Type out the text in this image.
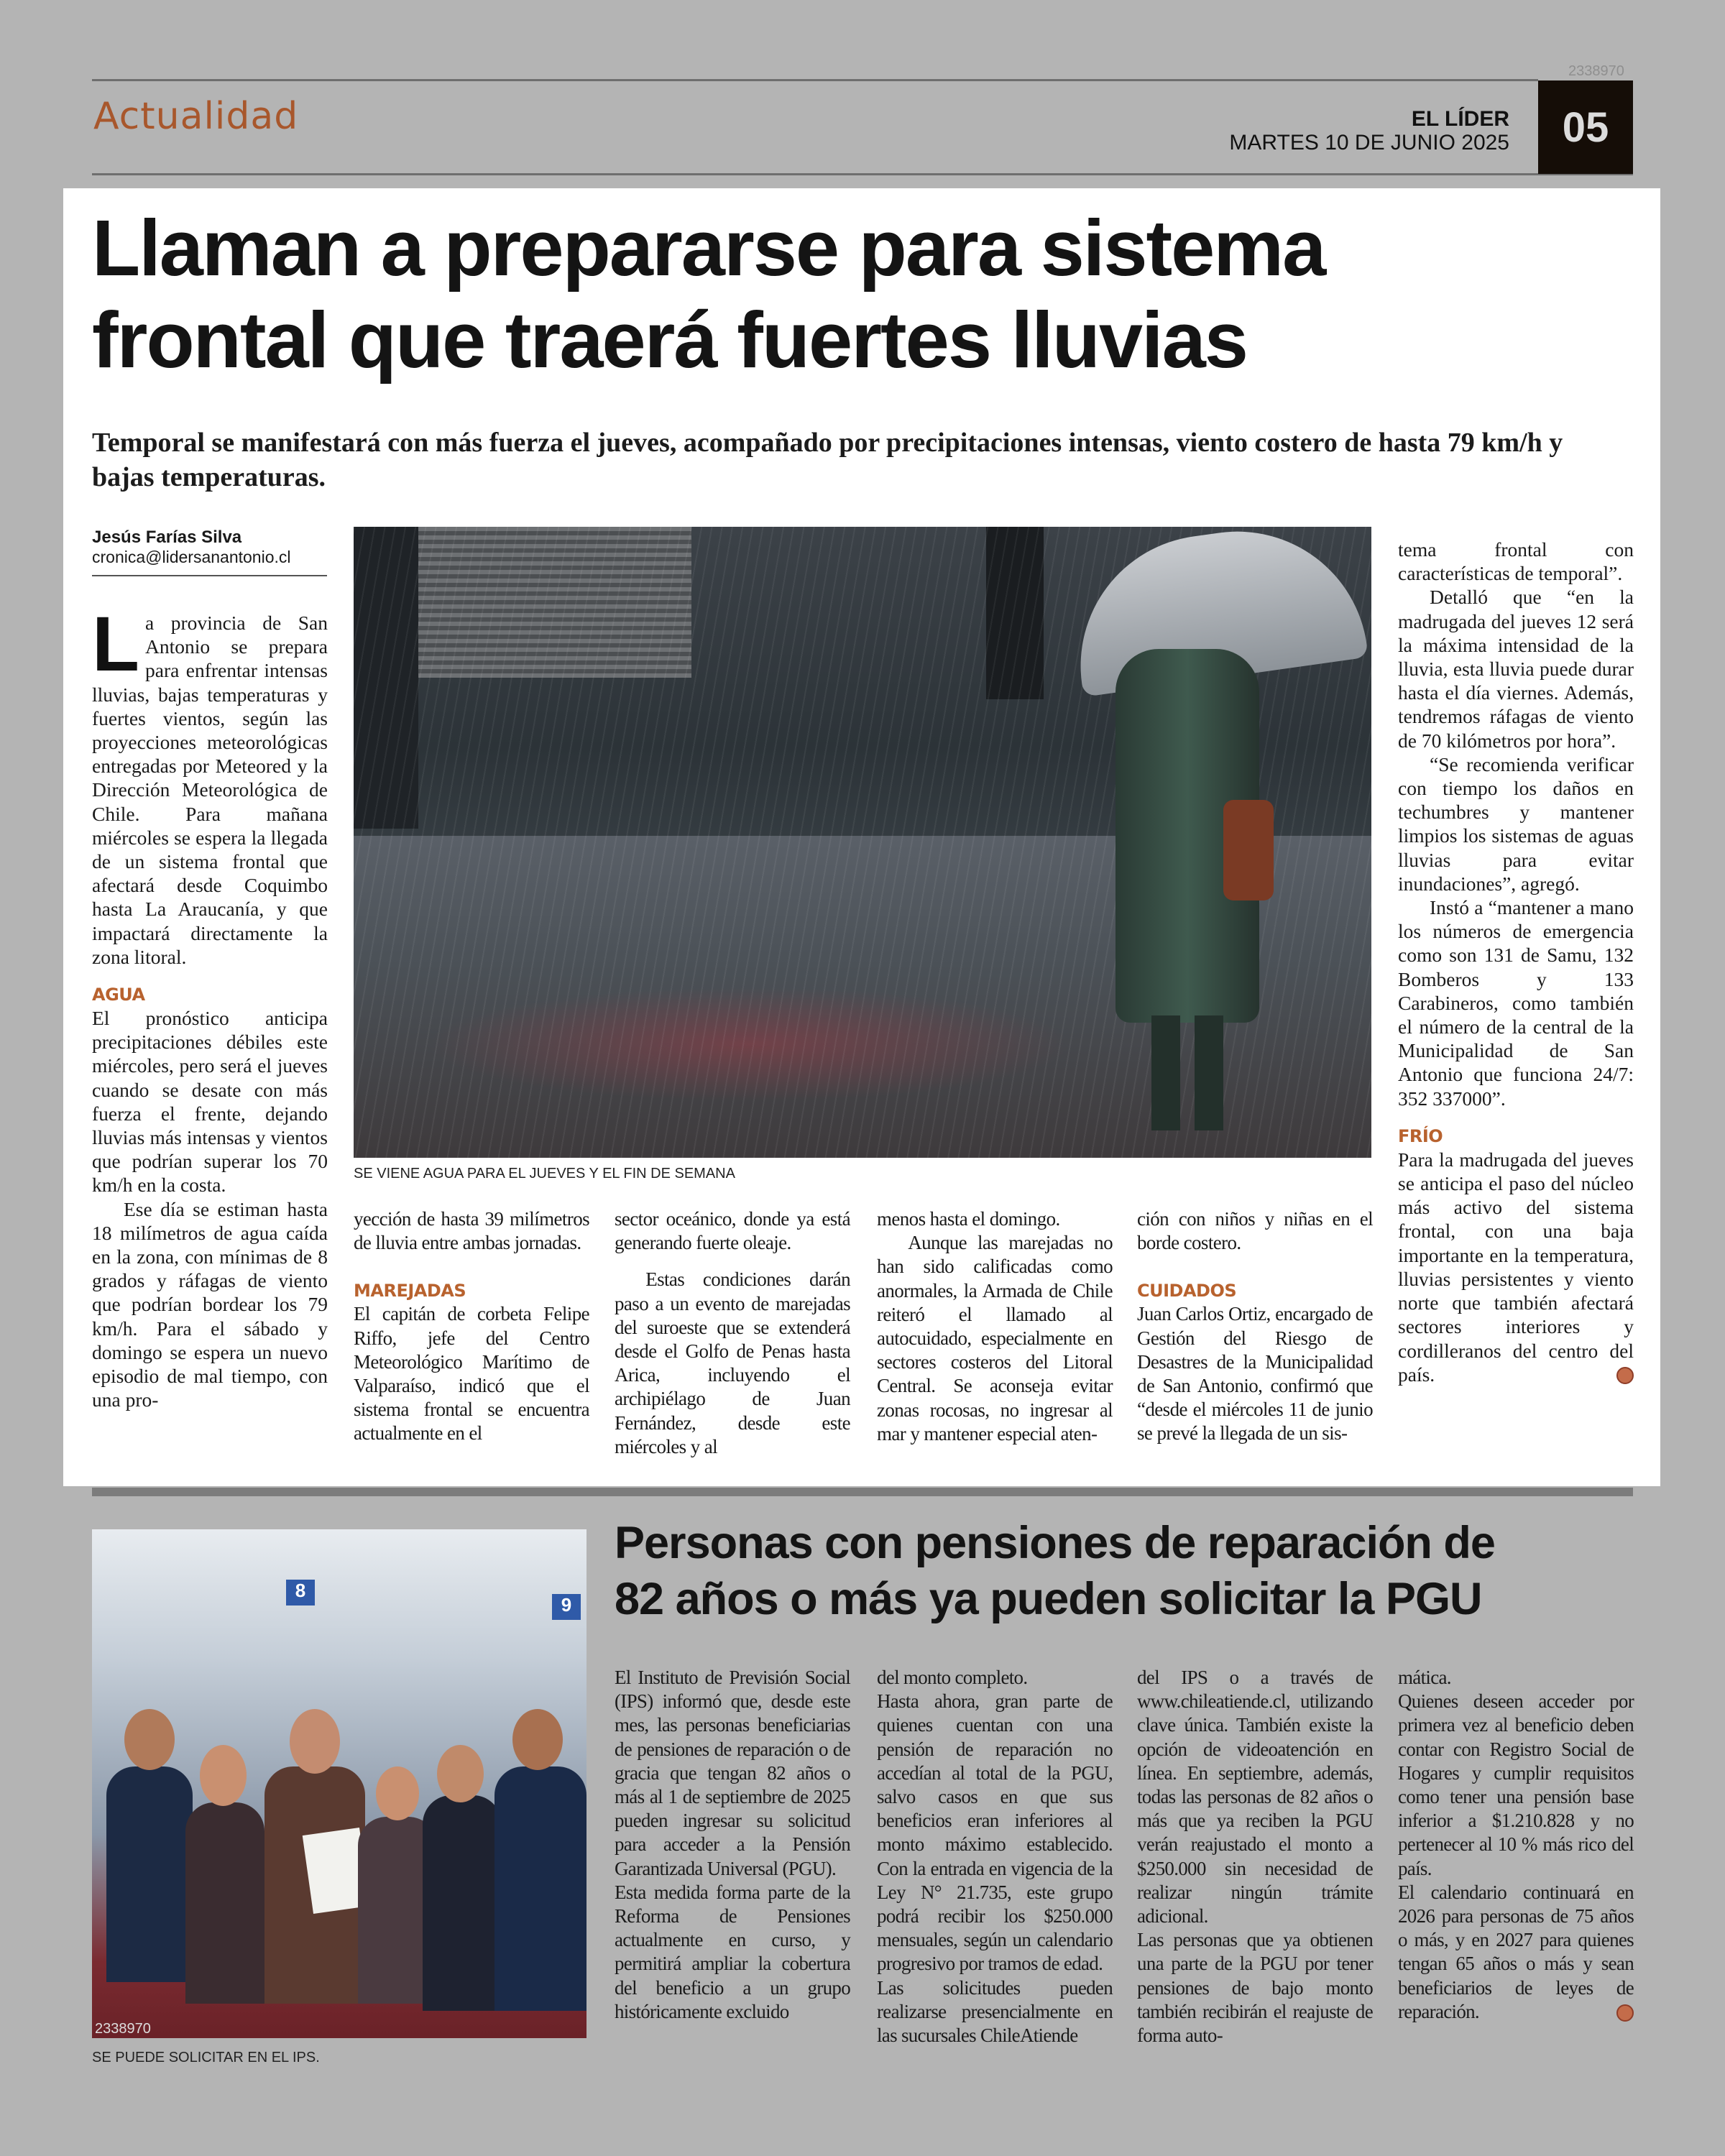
Actualidad	EL LÍDER
MARTES 10 DE JUNIO 2025	05
2338970
Llaman a prepararse para sistema
frontal que traerá fuertes lluvias
Temporal se manifestará con más fuerza el jueves, acompañado por precipitaciones intensas, viento costero de hasta 79 km/h y bajas temperaturas.
Jesús Farías Silva
cronica@lidersanantonio.cl

La provincia de San Antonio se prepara para enfrentar intensas lluvias, bajas temperaturas y fuertes vientos, según las proyecciones meteorológicas entregadas por Meteored y la Dirección Meteorológica de Chile. Para mañana miércoles se espera la llegada de un sistema frontal que afectará desde Coquimbo hasta La Araucanía, y que impactará directamente la zona litoral.

AGUA

El pronóstico anticipa precipitaciones débiles este miércoles, pero será el jueves cuando se desate con más fuerza el frente, dejando lluvias más intensas y vientos que podrían superar los 70 km/h en la costa.

Ese día se estiman hasta 18 milímetros de agua caída en la zona, con mínimas de 8 grados y ráfagas de viento que podrían bordear los 79 km/h. Para el sábado y domingo se espera un nuevo episodio de mal tiempo, con una pro-

SE VIENE AGUA PARA EL JUEVES Y EL FIN DE SEMANA

yección de hasta 39 milímetros de lluvia entre ambas jornadas.

MAREJADAS

El capitán de corbeta Felipe Riffo, jefe del Centro Meteorológico Marítimo de Valparaíso, indicó que el sistema frontal se encuentra actualmente en el

sector oceánico, donde ya está generando fuerte oleaje.

Estas condiciones darán paso a un evento de marejadas del suroeste que se extenderá desde el Golfo de Penas hasta Arica, incluyendo el archipiélago de Juan Fernández, desde este miércoles y al

menos hasta el domingo.

Aunque las marejadas no han sido calificadas como anormales, la Armada de Chile reiteró el llamado al autocuidado, especialmente en sectores costeros del Litoral Central. Se aconseja evitar zonas rocosas, no ingresar al mar y mantener especial aten-

ción con niños y niñas en el borde costero.

CUIDADOS

Juan Carlos Ortiz, encargado de Gestión del Riesgo de Desastres de la Municipalidad de San Antonio, confirmó que “desde el miércoles 11 de junio se prevé la llegada de un sis-

tema frontal con características de temporal”.

Detalló que “en la madrugada del jueves 12 será la máxima intensidad de la lluvia, esta lluvia puede durar hasta el día viernes. Además, tendremos ráfagas de viento de 70 kilómetros por hora”.

“Se recomienda verificar con tiempo los daños en techumbres y mantener limpios los sistemas de aguas lluvias para evitar inundaciones”, agregó.

Instó a “mantener a mano los números de emergencia como son 131 de Samu, 132 Bomberos y 133 Carabineros, como también el número de la central de la Municipalidad de San Antonio que funciona 24/7: 352 337000”.

FRÍO

Para la madrugada del jueves se anticipa el paso del núcleo más activo del sistema frontal, con una baja importante en la temperatura, lluvias persistentes y viento norte que también afectará sectores interiores y cordilleranos del centro del país.

8
9
2338970
SE PUEDE SOLICITAR EN EL IPS.
Personas con pensiones de reparación de
82 años o más ya pueden solicitar la PGU

El Instituto de Previsión Social (IPS) informó que, desde este mes, las personas beneficiarias de pensiones de reparación o de gracia que tengan 82 años o más al 1 de septiembre de 2025 pueden ingresar su solicitud para acceder a la Pensión Garantizada Universal (PGU).

Esta medida forma parte de la Reforma de Pensiones actualmente en curso, y permitirá ampliar la cobertura del beneficio a un grupo históricamente excluido

del monto completo.

Hasta ahora, gran parte de quienes cuentan con una pensión de reparación no accedían al total de la PGU, salvo casos en que sus beneficios eran inferiores al monto máximo establecido. Con la entrada en vigencia de la Ley N° 21.735, este grupo podrá recibir los $250.000 mensuales, según un calendario progresivo por tramos de edad.

Las solicitudes pueden realizarse presencialmente en las sucursales ChileAtiende

del IPS o a través de www.chileatiende.cl, utilizando clave única. También existe la opción de videoatención en línea. En septiembre, además, todas las personas de 82 años o más que ya reciben la PGU verán reajustado el monto a $250.000 sin necesidad de realizar ningún trámite adicional.

Las personas que ya obtienen una parte de la PGU por tener pensiones de bajo monto también recibirán el reajuste de forma auto-

mática.

Quienes deseen acceder por primera vez al beneficio deben contar con Registro Social de Hogares y cumplir requisitos como tener una pensión base inferior a $1.210.828 y no pertenecer al 10 % más rico del país.

El calendario continuará en 2026 para personas de 75 años o más, y en 2027 para quienes tengan 65 años o más y sean beneficiarios de leyes de reparación.
